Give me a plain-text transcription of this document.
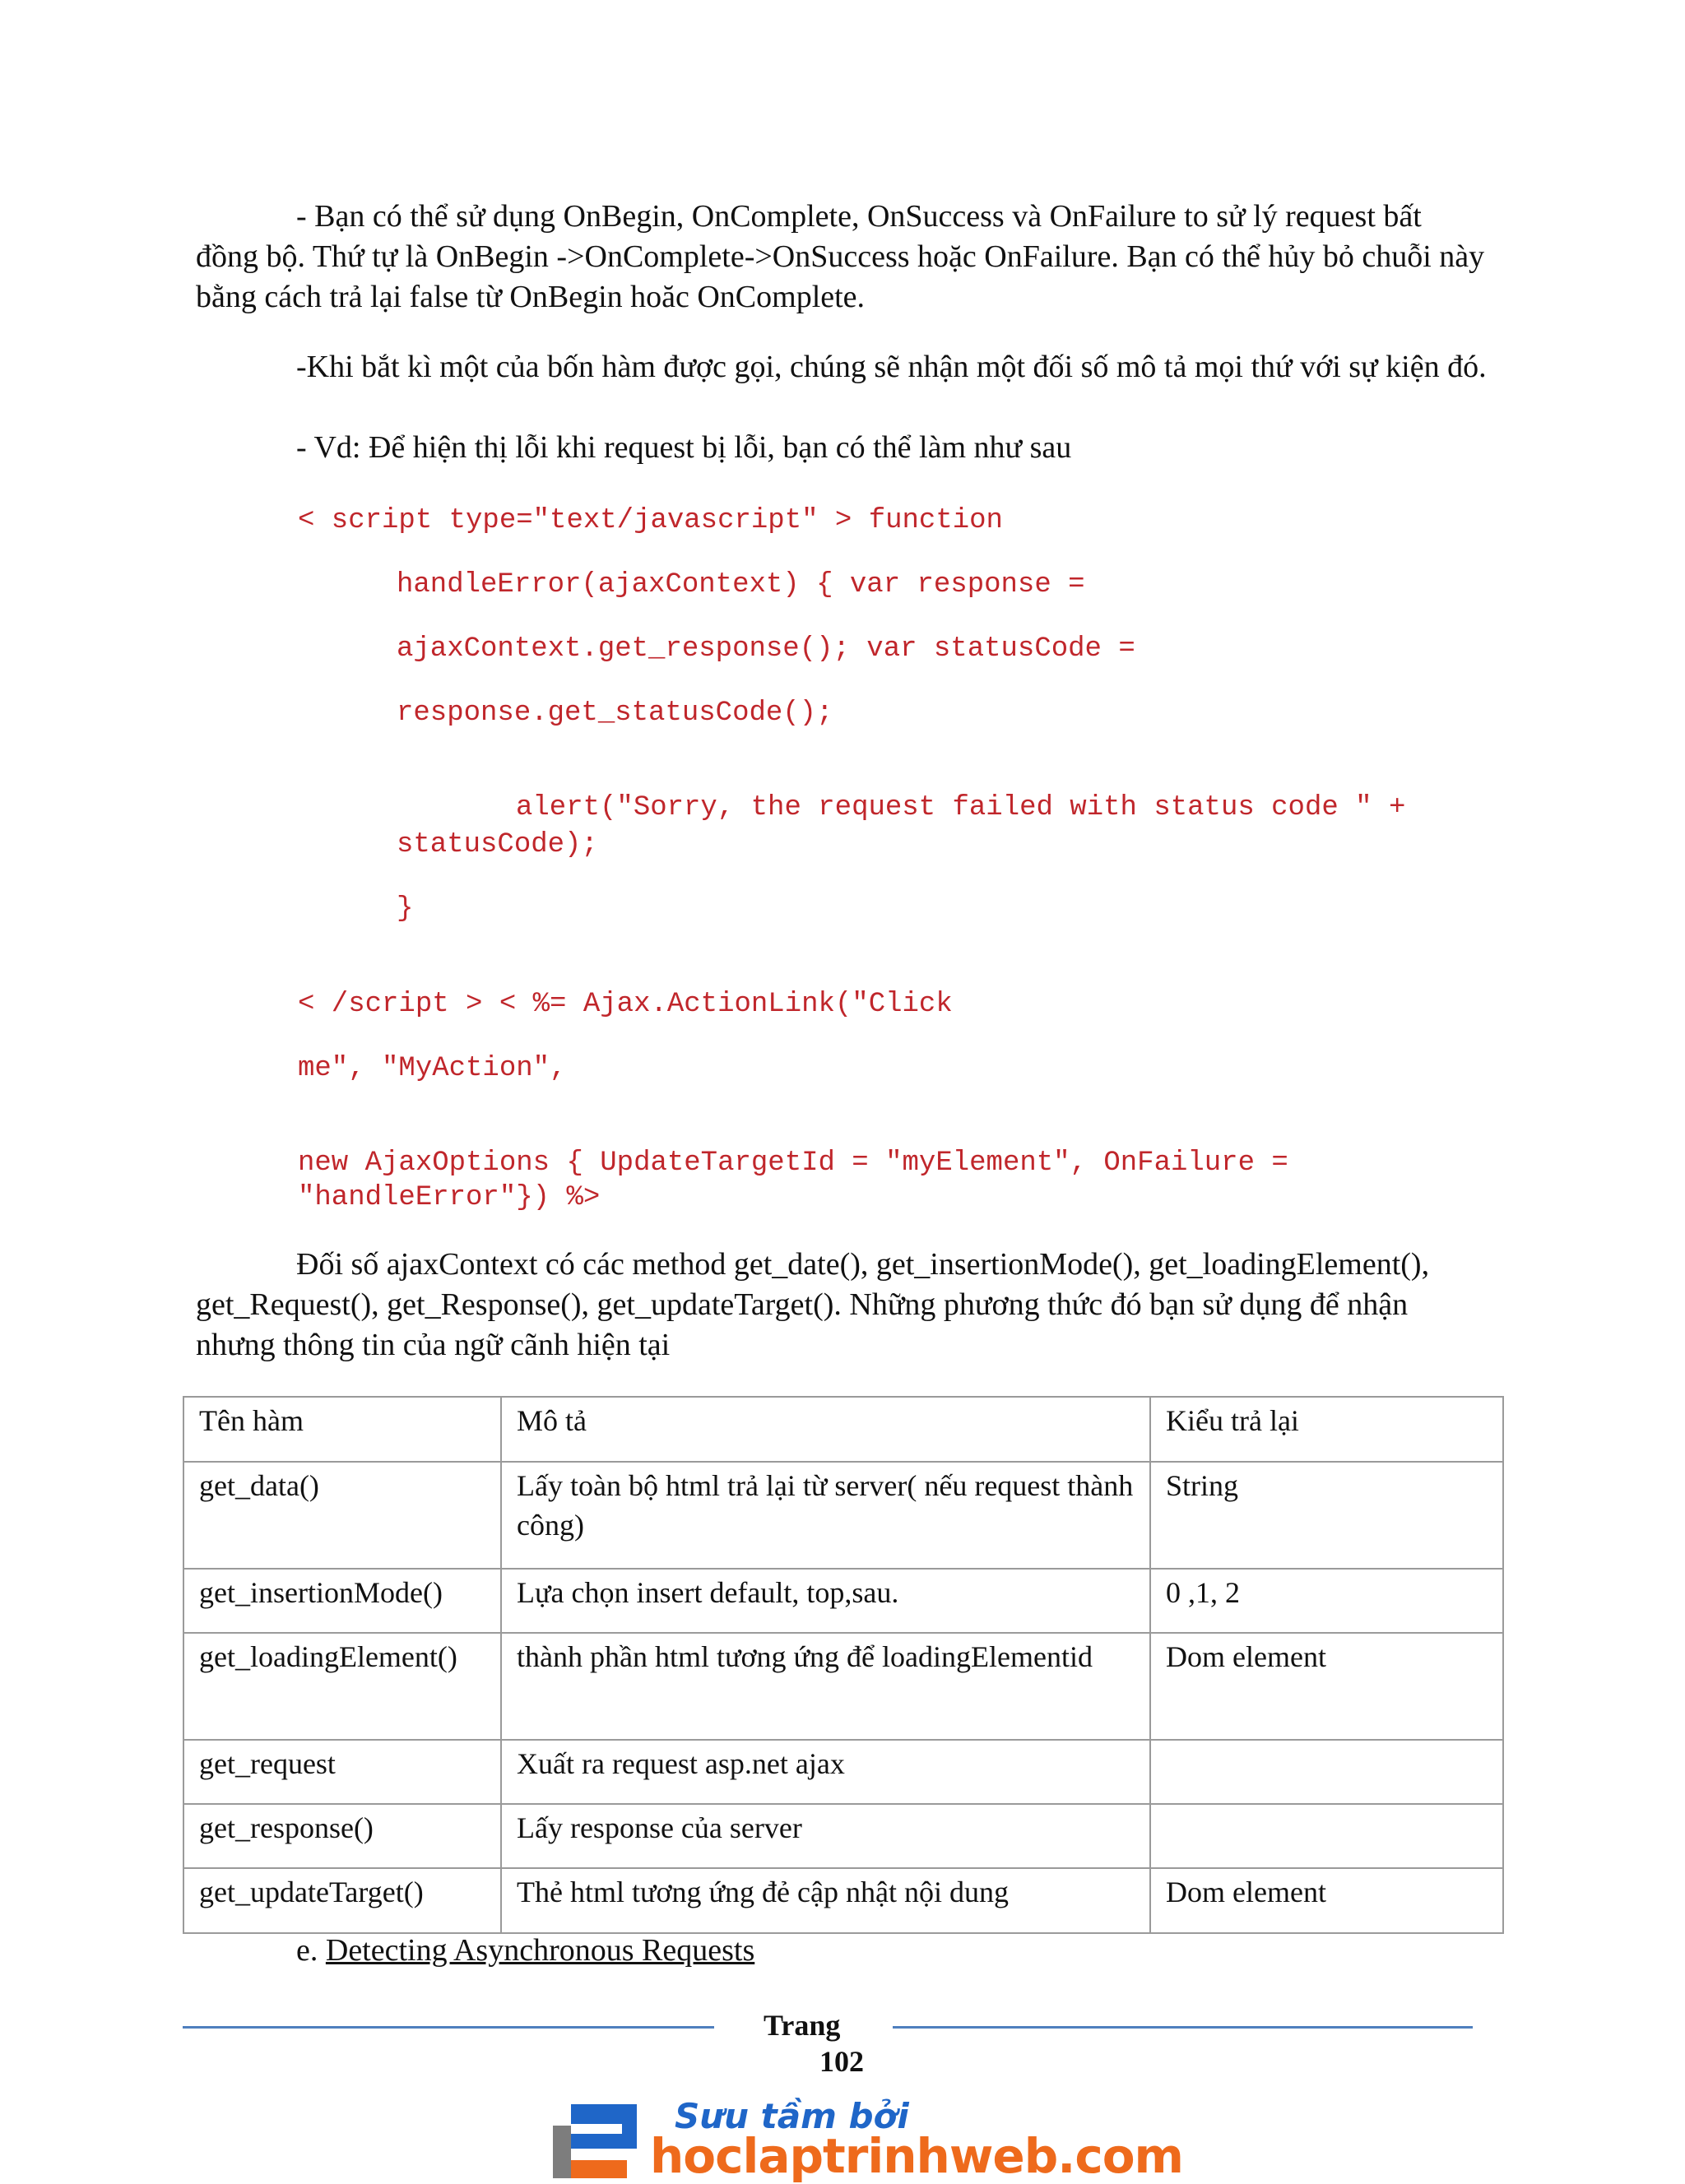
- Bạn có thể sử dụng OnBegin, OnComplete, OnSuccess và OnFailure to sử lý request bất đồng bộ. Thứ tự là OnBegin ->OnComplete->OnSuccess hoặc OnFailure. Bạn có thể hủy bỏ chuỗi này bằng cách trả lại false từ OnBegin hoăc OnComplete.

-Khi bắt kì một của bốn hàm được gọi, chúng sẽ nhận một đối số mô tả mọi thứ với sự kiện đó.

- Vd: Để hiện thị lỗi khi request bị lỗi, bạn có thể làm như sau

< script type="text/javascript" > function
handleError(ajaxContext) { var response =
ajaxContext.get_response(); var statusCode =
response.get_statusCode();
alert("Sorry, the request failed with status code " +
statusCode);
}
< /script > < %= Ajax.ActionLink("Click
me", "MyAction",
new AjaxOptions { UpdateTargetId = "myElement", OnFailure =
"handleError"}) %>

Đối số ajaxContext có các method get_date(), get_insertionMode(), get_loadingElement(), get_Request(), get_Response(), get_updateTarget(). Những phương thức đó bạn sử dụng để nhận nhưng thông tin của ngữ cãnh hiện tại

Tên hàm	Mô tả	Kiểu trả lại
get_data()	Lấy toàn bộ html trả lại từ server( nếu request thành công)	String
get_insertionMode()	Lựa chọn insert default, top,sau.	0 ,1, 2
get_loadingElement()	thành phần html tương ứng để loadingElementid	Dom element
get_request	Xuất ra request asp.net ajax	
get_response()	Lấy response của server	
get_updateTarget()	Thẻ html tương ứng đẻ cập nhật nội dung	Dom element
e. Detecting Asynchronous Requests
Trang
102
Sưu tầm bởi
hoclaptrinhweb.com
